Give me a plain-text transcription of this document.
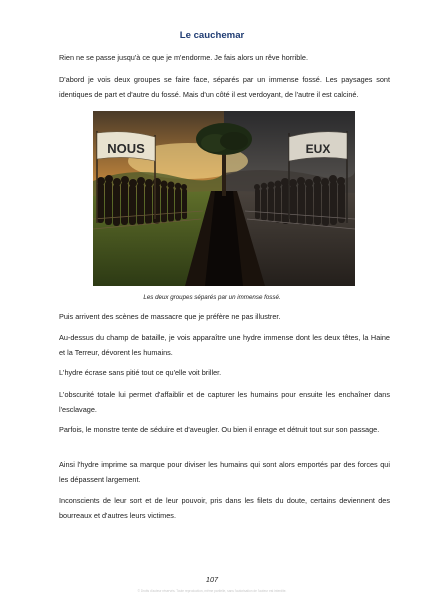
Le cauchemar
Rien ne se passe jusqu'à ce que je m'endorme. Je fais alors un rêve horrible.
D'abord je vois deux groupes se faire face, séparés par un immense fossé. Les paysages sont identiques de part et d'autre du fossé. Mais d'un côté il est verdoyant, de l'autre il est calciné.
NOUS	EUX
Les deux groupes séparés par un immense fossé.
Puis arrivent des scènes de massacre que je préfère ne pas illustrer.
Au-dessus du champ de bataille, je vois apparaître une hydre immense dont les deux têtes, la Haine et la Terreur, dévorent les humains.
L'hydre écrase sans pitié tout ce qu'elle voit briller.
L'obscurité totale lui permet d'affaiblir et de capturer les humains pour ensuite les enchaîner dans l'esclavage.
Parfois, le monstre tente de séduire et d'aveugler. Ou bien il enrage et détruit tout sur son passage.
Ainsi l'hydre imprime sa marque pour diviser les humains qui sont alors emportés par des forces qui les dépassent largement.
Inconscients de leur sort et de leur pouvoir, pris dans les filets du doute, certains deviennent des bourreaux et d'autres leurs victimes.
107
© Droits d'auteur réservés. Toute reproduction, même partielle, sans l'autorisation de l'auteur est interdite.
